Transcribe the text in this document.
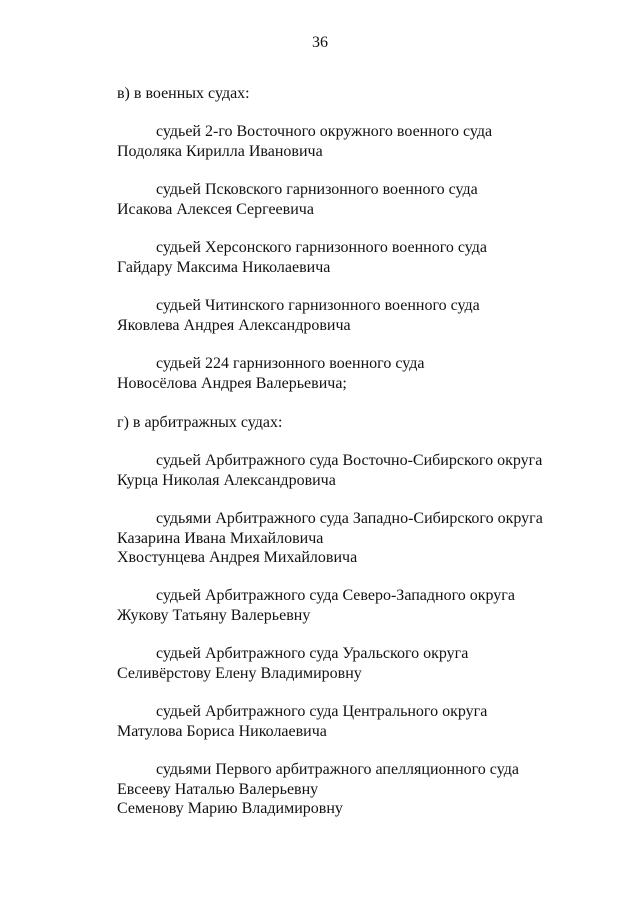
36
в) в военных судах:
судьей 2-го Восточного окружного военного суда
Подоляка Кирилла Ивановича
судьей Псковского гарнизонного военного суда
Исакова Алексея Сергеевича
судьей Херсонского гарнизонного военного суда
Гайдару Максима Николаевича
судьей Читинского гарнизонного военного суда
Яковлева Андрея Александровича
судьей 224 гарнизонного военного суда
Новосёлова Андрея Валерьевича;
г) в арбитражных судах:
судьей Арбитражного суда Восточно-Сибирского округа
Курца Николая Александровича
судьями Арбитражного суда Западно-Сибирского округа
Казарина Ивана Михайловича
Хвостунцева Андрея Михайловича
судьей Арбитражного суда Северо-Западного округа
Жукову Татьяну Валерьевну
судьей Арбитражного суда Уральского округа
Селивёрстову Елену Владимировну
судьей Арбитражного суда Центрального округа
Матулова Бориса Николаевича
судьями Первого арбитражного апелляционного суда
Евсееву Наталью Валерьевну
Семенову Марию Владимировну
